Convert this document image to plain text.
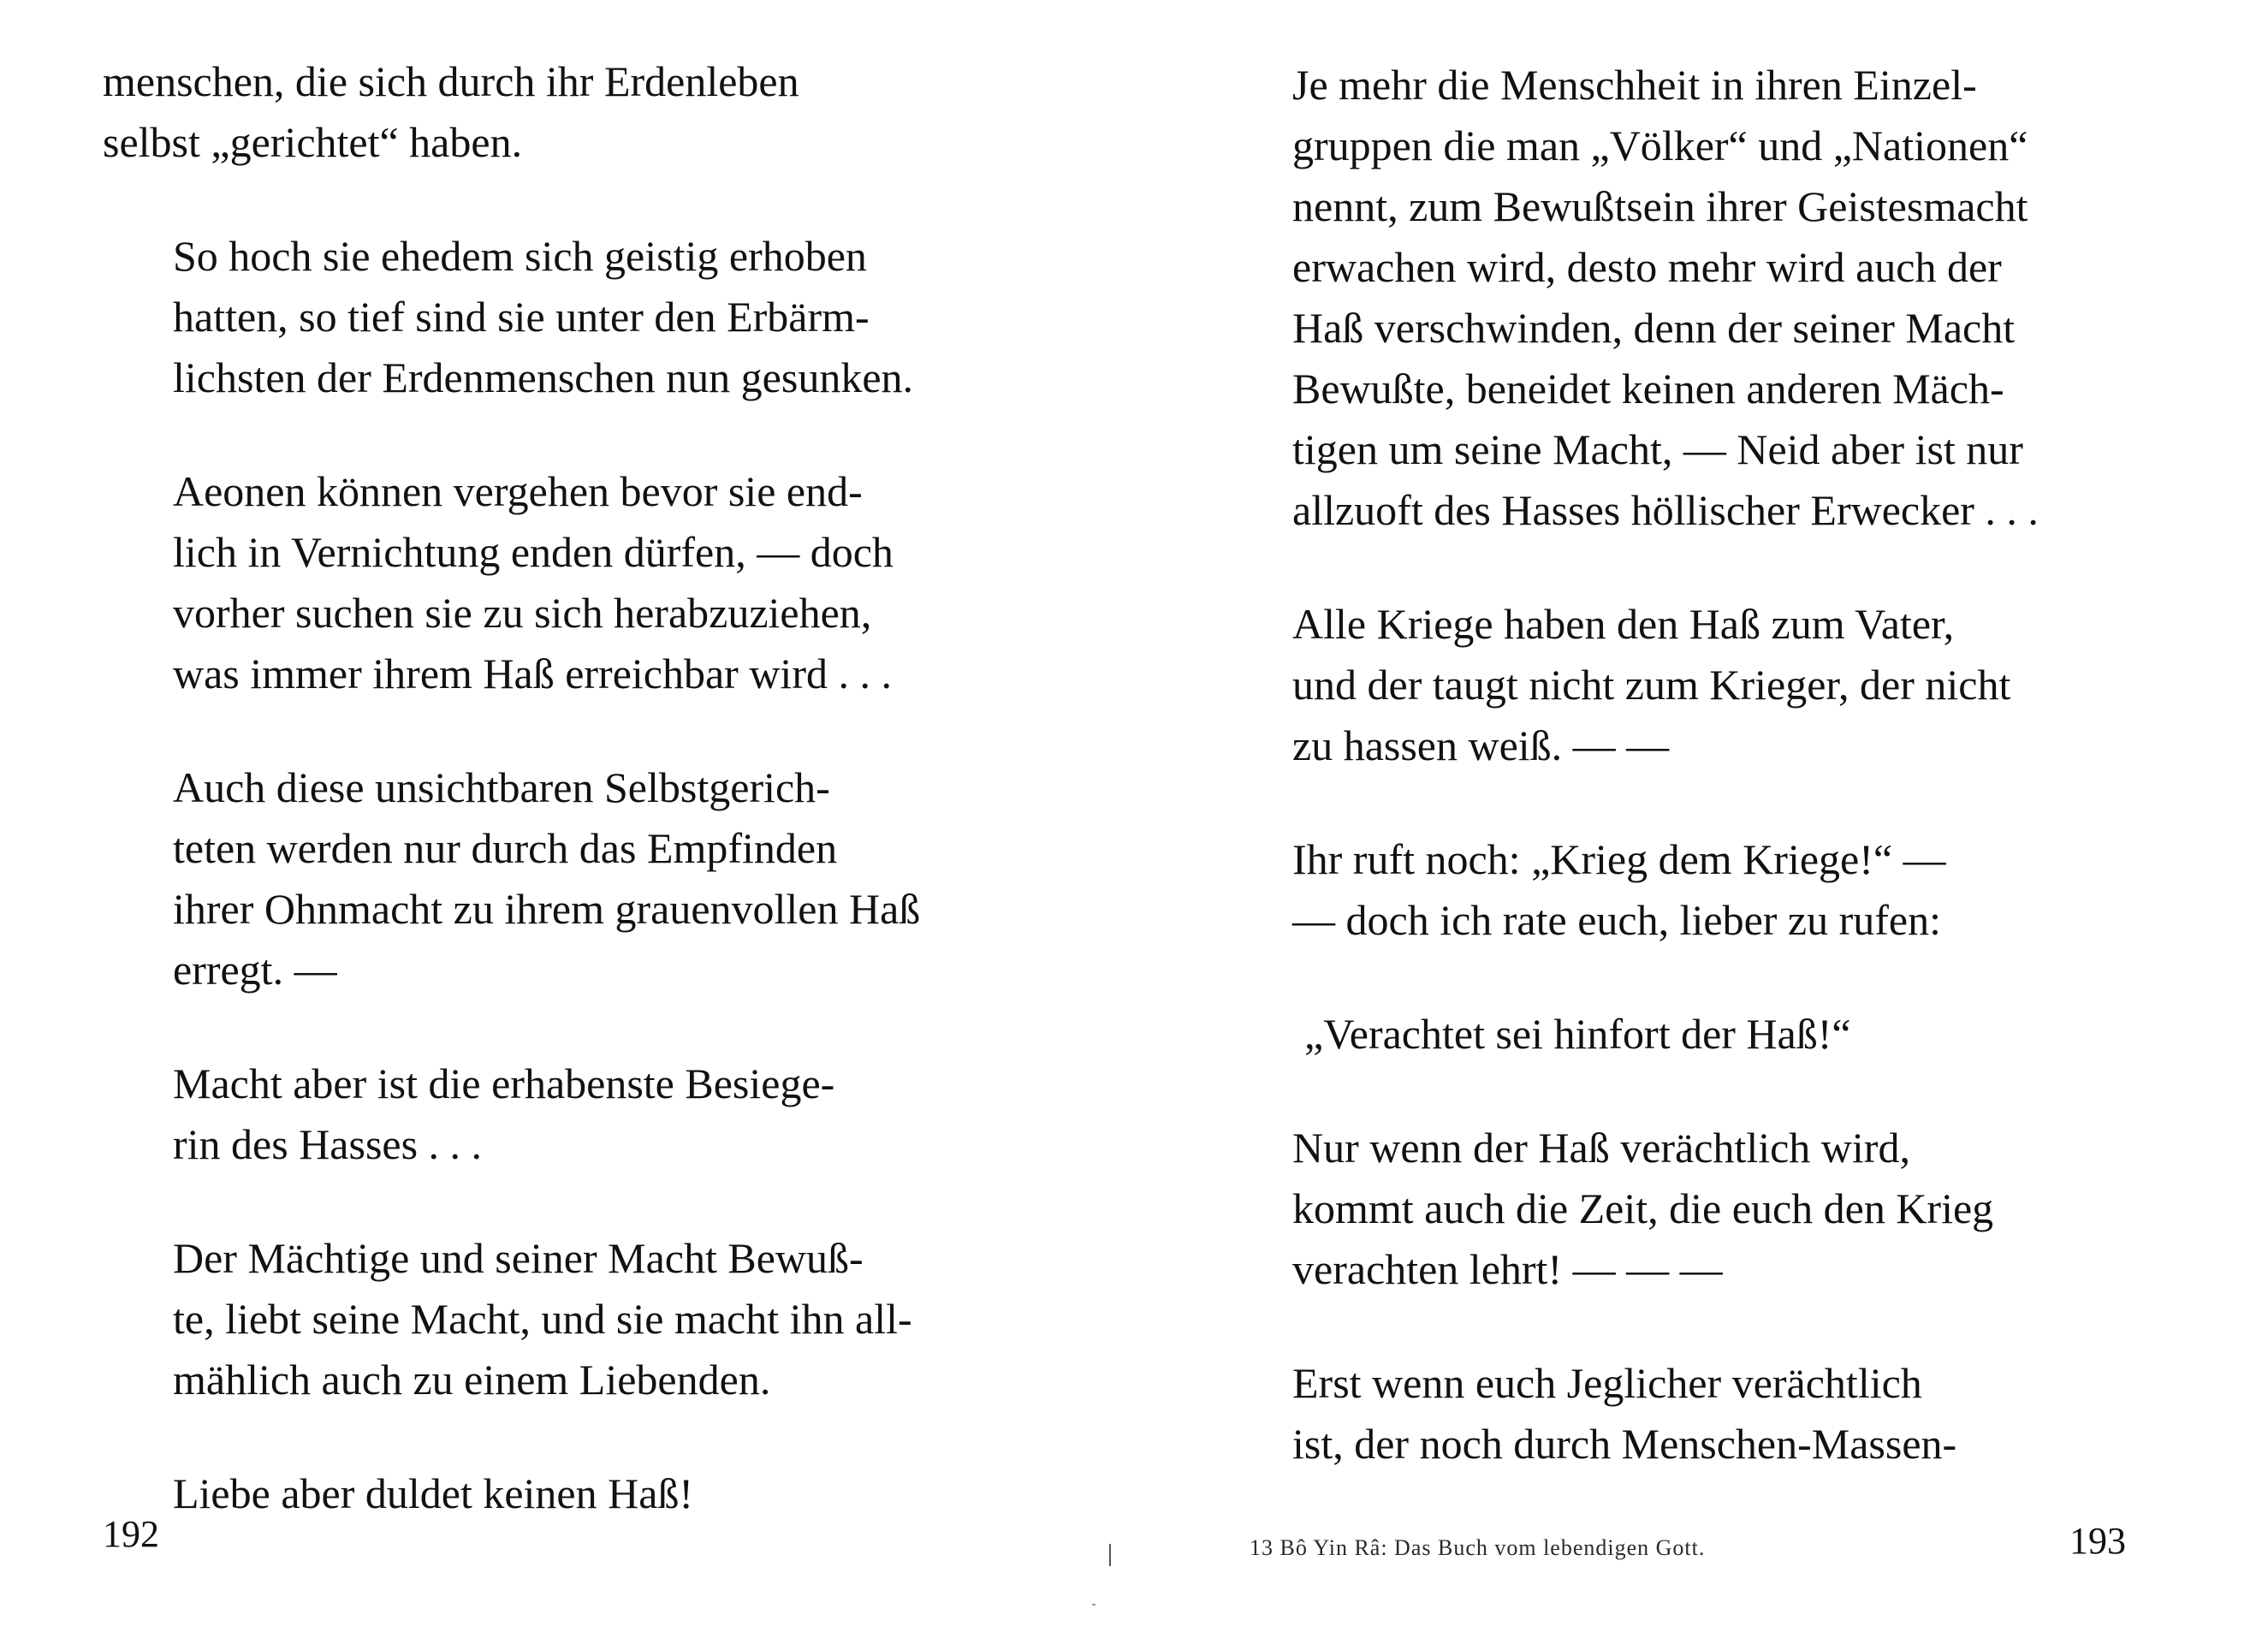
menschen, die sich durch ihr Erdenleben
selbst „gerichtet“ haben.

So hoch sie ehedem sich geistig erhoben
hatten, so tief sind sie unter den Erbärm-
lichsten der Erdenmenschen nun gesunken.

Aeonen können vergehen bevor sie end-
lich in Vernichtung enden dürfen, — doch
vorher suchen sie zu sich herabzuziehen,
was immer ihrem Haß erreichbar wird . . .

Auch diese unsichtbaren Selbstgerich-
teten werden nur durch das Empfinden
ihrer Ohnmacht zu ihrem grauenvollen Haß
erregt. —

Macht aber ist die erhabenste Besiege-
rin des Hasses . . .

Der Mächtige und seiner Macht Bewuß-
te, liebt seine Macht, und sie macht ihn all-
mählich auch zu einem Liebenden.

Liebe aber duldet keinen Haß!

192

Je mehr die Menschheit in ihren Einzel-
gruppen die man „Völker“ und „Nationen“
nennt, zum Bewußtsein ihrer Geistesmacht
erwachen wird, desto mehr wird auch der
Haß verschwinden, denn der seiner Macht
Bewußte, beneidet keinen anderen Mäch-
tigen um seine Macht, — Neid aber ist nur
allzuoft des Hasses höllischer Erwecker . . .

Alle Kriege haben den Haß zum Vater,
und der taugt nicht zum Krieger, der nicht
zu hassen weiß. — —

Ihr ruft noch: „Krieg dem Kriege!“ —
— doch ich rate euch, lieber zu rufen:

„Verachtet sei hinfort der Haß!“

Nur wenn der Haß verächtlich wird,
kommt auch die Zeit, die euch den Krieg
verachten lehrt! — — —

Erst wenn euch Jeglicher verächtlich
ist, der noch durch Menschen-Massen-

13 Bô Yin Râ: Das Buch vom lebendigen Gott.	193
